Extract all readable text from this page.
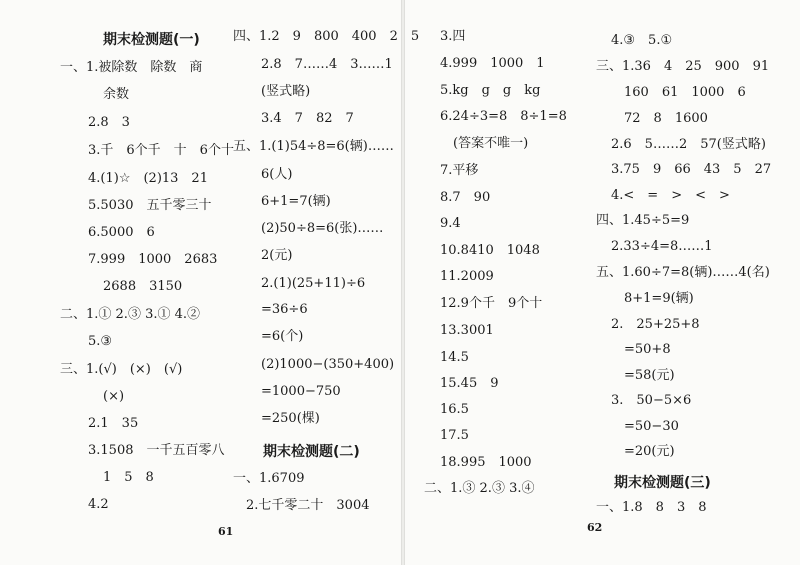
期末检测题(一)
一、1.被除数　除数　商
余数
2.8　3
3.千　6个千　十　6个十
4.(1)☆　(2)13　21
5.5030　五千零三十
6.5000　6
7.999　1000　2683
2688　3150
二、1.① 2.③ 3.① 4.②
5.③
三、1.(√)　(×)　(√)
(×)
2.1　35
3.1508　一千五百零八
1　5　8
4.2
61
四、1.2　9　800　400　2　5
2.8　7……4　3……1
(竖式略)
3.4　7　82　7
五、1.(1)54÷8=6(辆)……
6(人)
6+1=7(辆)
(2)50÷8=6(张)……
2(元)
2.(1)(25+11)÷6
=36÷6
=6(个)
(2)1000−(350+400)
=1000−750
=250(棵)
期末检测题(二)
一、1.6709
2.七千零二十　3004
3.四
4.999　1000　1
5.kg　g　g　kg
6.24÷3=8　8÷1=8
(答案不唯一)
7.平移
8.7　90
9.4
10.8410　1048
11.2009
12.9个千　9个十
13.3001
14.5
15.45　9
16.5
17.5
18.995　1000
二、1.③ 2.③ 3.④
62
4.③　5.①
三、1.36　4　25　900　91
160　61　1000　6
72　8　1600
2.6　5……2　57(竖式略)
3.75　9　66　43　5　27
4.<　=　>　<　>
四、1.45÷5=9
2.33÷4=8……1
五、1.60÷7=8(辆)……4(名)
8+1=9(辆)
2.　25+25+8
=50+8
=58(元)
3.　50−5×6
=50−30
=20(元)
期末检测题(三)
一、1.8　8　3　8
